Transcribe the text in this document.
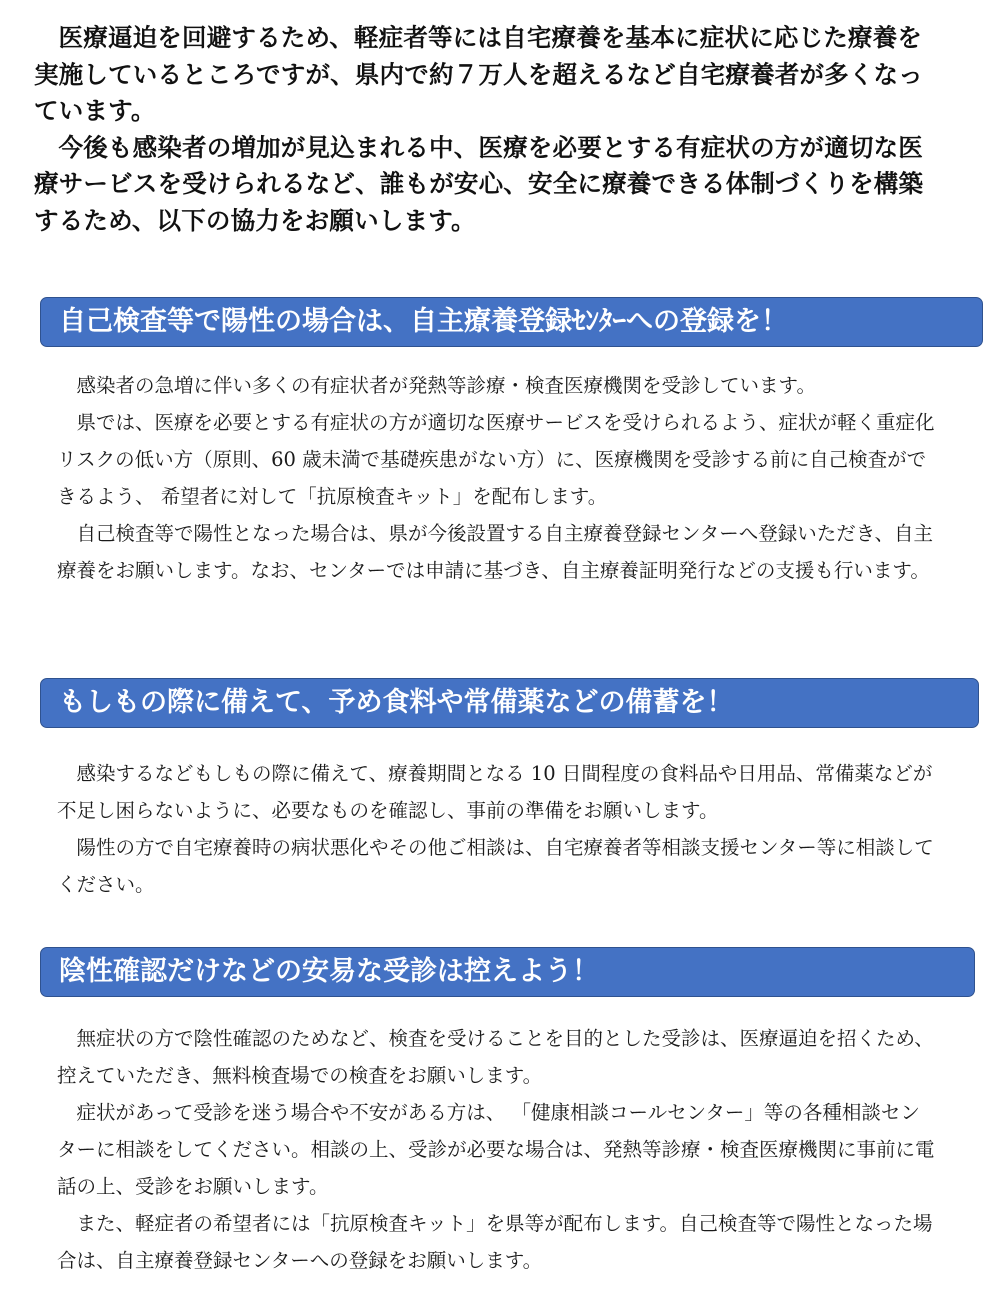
医療逼迫を回避するため、軽症者等には自宅療養を基本に症状に応じた療養を実施しているところですが、県内で約７万人を超えるなど自宅療養者が多くなっています。

今後も感染者の増加が見込まれる中、医療を必要とする有症状の方が適切な医療サービスを受けられるなど、誰もが安心、安全に療養できる体制づくりを構築するため、以下の協力をお願いします。

自己検査等で陽性の場合は、自主療養登録ｾﾝﾀｰへの登録を！

感染者の急増に伴い多くの有症状者が発熱等診療・検査医療機関を受診しています。

県では、医療を必要とする有症状の方が適切な医療サービスを受けられるよう、症状が軽く重症化リスクの低い方（原則、60 歳未満で基礎疾患がない方）に、医療機関を受診する前に自己検査ができるよう、 希望者に対して「抗原検査キット」を配布します。

自己検査等で陽性となった場合は、県が今後設置する自主療養登録センターへ登録いただき、自主療養をお願いします。なお、センターでは申請に基づき、自主療養証明発行などの支援も行います。

もしもの際に備えて、予め食料や常備薬などの備蓄を！

感染するなどもしもの際に備えて、療養期間となる 10 日間程度の食料品や日用品、常備薬などが不足し困らないように、必要なものを確認し、事前の準備をお願いします。

陽性の方で自宅療養時の病状悪化やその他ご相談は、自宅療養者等相談支援センター等に相談してください。

陰性確認だけなどの安易な受診は控えよう！

無症状の方で陰性確認のためなど、検査を受けることを目的とした受診は、医療逼迫を招くため、控えていただき、無料検査場での検査をお願いします。

症状があって受診を迷う場合や不安がある方は、 「健康相談コールセンター」等の各種相談センターに相談をしてください。相談の上、受診が必要な場合は、発熱等診療・検査医療機関に事前に電話の上、受診をお願いします。

また、軽症者の希望者には「抗原検査キット」を県等が配布します。自己検査等で陽性となった場合は、自主療養登録センターへの登録をお願いします。
